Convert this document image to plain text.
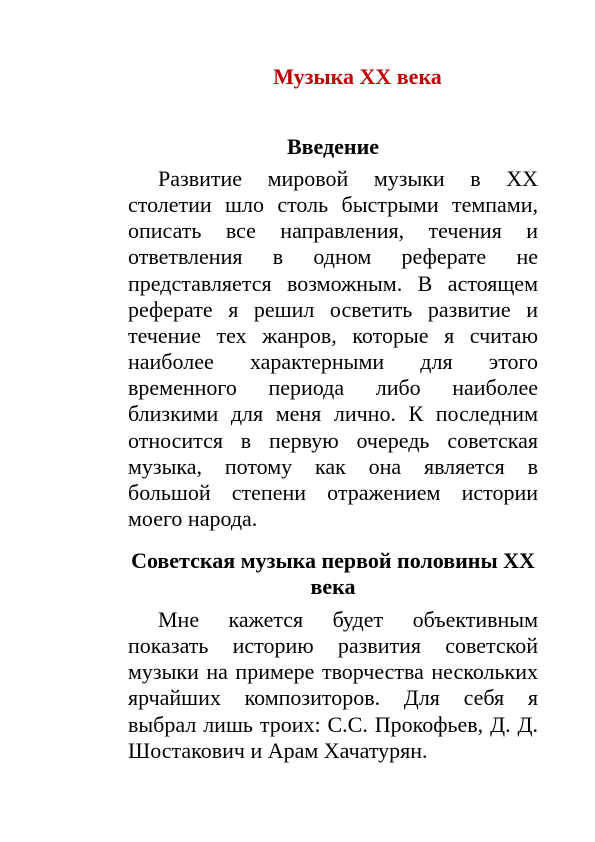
Музыка ХХ века
Введение

Развитие мировой музыки в ХХ столетии шло столь быстрыми темпами, описать все направления, течения и ответвления в одном реферате не представляется возможным. В астоящем реферате я решил осветить развитие и течение тех жанров, которые я считаю наиболее характерными для этого временного периода либо наиболее близкими для меня лично. К последним относится в первую очередь советская музыка, потому как она является в большой степени отражением истории моего народа.

Советская музыка первой половины ХХ века

Мне кажется будет объективным показать историю развития советской музыки на примере творчества нескольких ярчайших композиторов. Для себя я выбрал лишь троих: С.С. Прокофьев, Д. Д. Шостакович и Арам Хачатурян.
